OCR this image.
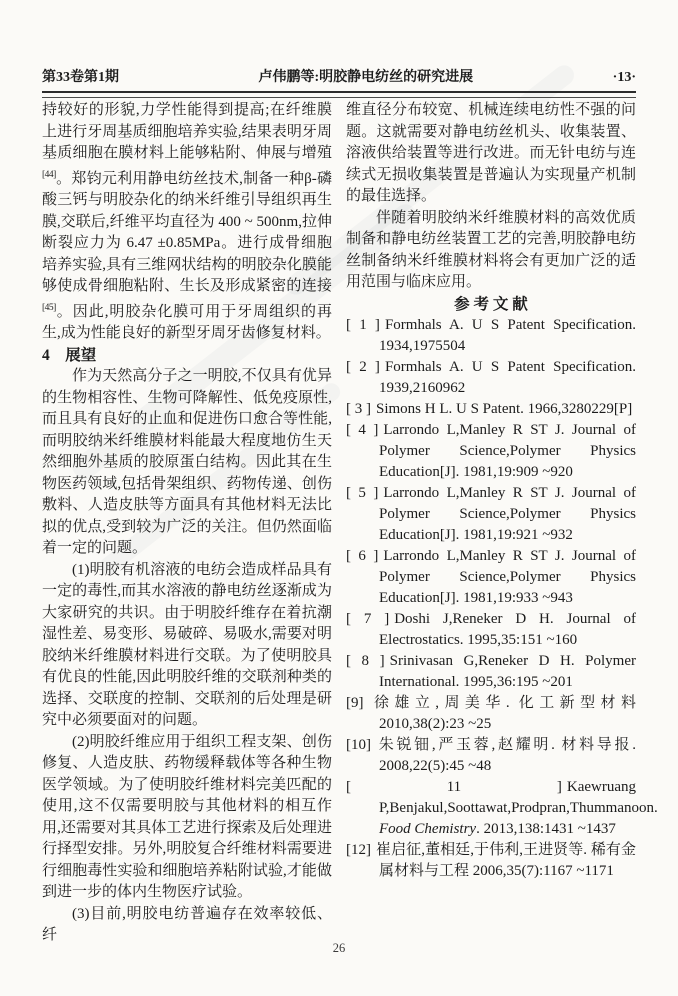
第33卷第1期	卢伟鹏等:明胶静电纺丝的研究进展	·13·

持较好的形貌,力学性能得到提高;在纤维膜上进行牙周基质细胞培养实验,结果表明牙周基质细胞在膜材料上能够粘附、伸展与增殖[44]。郑钧元利用静电纺丝技术,制备一种β-磷酸三钙与明胶杂化的纳米纤维引导组织再生膜,交联后,纤维平均直径为 400 ~ 500nm,拉伸断裂应力为 6.47 ±0.85MPa。进行成骨细胞培养实验,具有三维网状结构的明胶杂化膜能够使成骨细胞粘附、生长及形成紧密的连接[45]。因此,明胶杂化膜可用于牙周组织的再生,成为性能良好的新型牙周牙齿修复材料。

4 展望

作为天然高分子之一明胶,不仅具有优异的生物相容性、生物可降解性、低免疫原性,而且具有良好的止血和促进伤口愈合等性能,而明胶纳米纤维膜材料能最大程度地仿生天然细胞外基质的胶原蛋白结构。因此其在生物医药领域,包括骨架组织、药物传递、创伤敷料、人造皮肤等方面具有其他材料无法比拟的优点,受到较为广泛的关注。但仍然面临着一定的问题。

(1)明胶有机溶液的电纺会造成样品具有一定的毒性,而其水溶液的静电纺丝逐渐成为大家研究的共识。由于明胶纤维存在着抗潮湿性差、易变形、易破碎、易吸水,需要对明胶纳米纤维膜材料进行交联。为了使明胶具有优良的性能,因此明胶纤维的交联剂种类的选择、交联度的控制、交联剂的后处理是研究中必须要面对的问题。

(2)明胶纤维应用于组织工程支架、创伤修复、人造皮肤、药物缓释载体等各种生物医学领域。为了使明胶纤维材料完美匹配的使用,这不仅需要明胶与其他材料的相互作用,还需要对其具体工艺进行探索及后处理进行择型安排。另外,明胶复合纤维材料需要进行细胞毒性实验和细胞培养粘附试验,才能做到进一步的体内生物医疗试验。

(3)目前,明胶电纺普遍存在效率较低、纤

维直径分布较宽、机械连续电纺性不强的问题。这就需要对静电纺丝机头、收集装置、溶液供给装置等进行改进。而无针电纺与连续式无损收集装置是普遍认为实现量产机制的最佳选择。

伴随着明胶纳米纤维膜材料的高效优质制备和静电纺丝装置工艺的完善,明胶静电纺丝制备纳米纤维膜材料将会有更加广泛的适用范围与临床应用。

参 考 文 献

[ 1 ] Formhals A. U S Patent Specification. 1934,1975504

[ 2 ] Formhals A. U S Patent Specification. 1939,2160962

[ 3 ] Simons H L. U S Patent. 1966,3280229[P]

[ 4 ] Larrondo L,Manley R ST J. Journal of Polymer Science,Polymer Physics Education[J]. 1981,19:909 ~920

[ 5 ] Larrondo L,Manley R ST J. Journal of Polymer Science,Polymer Physics Education[J]. 1981,19:921 ~932

[ 6 ] Larrondo L,Manley R ST J. Journal of Polymer Science,Polymer Physics Education[J]. 1981,19:933 ~943

[ 7 ] Doshi J,Reneker D H. Journal of Electrostatics. 1995,35:151 ~160

[ 8 ] Srinivasan G,Reneker D H. Polymer International. 1995,36:195 ~201

[9] 徐雄立,周美华. 化工新型材料 2010,38(2):23 ~25

[10] 朱锐钿,严玉蓉,赵耀明. 材料导报. 2008,22(5):45 ~48

[ 11 ] Kaewruang P,Benjakul,Soottawat,Prodpran,Thummanoon. Food Chemistry. 2013,138:1431 ~1437

[12] 崔启征,董相廷,于伟利,王进贤等. 稀有金属材料与工程 2006,35(7):1167 ~1171

26
